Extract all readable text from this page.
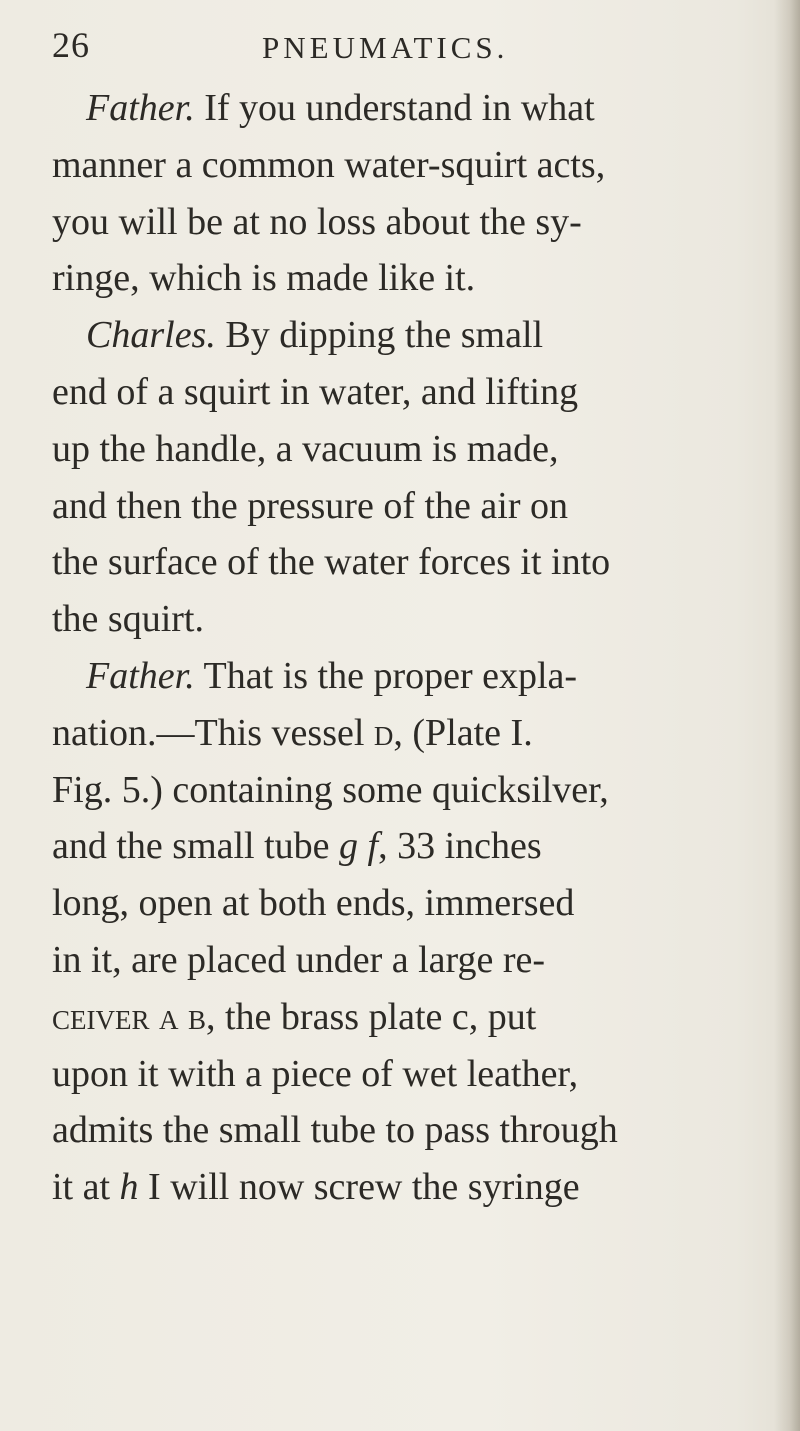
26	PNEUMATICS.
Father. If you understand in what
manner a common water-squirt acts,
you will be at no loss about the sy-
ringe, which is made like it.
Charles. By dipping the small
end of a squirt in water, and lifting
up the handle, a vacuum is made,
and then the pressure of the air on
the surface of the water forces it into
the squirt.
Father. That is the proper expla-
nation.—This vessel d, (Plate I.
Fig. 5.) containing some quicksilver,
and the small tube g f, 33 inches
long, open at both ends, immersed
in it, are placed under a large re-
ceiver a b, the brass plate c, put
upon it with a piece of wet leather,
admits the small tube to pass through
it at h I will now screw the syringe
